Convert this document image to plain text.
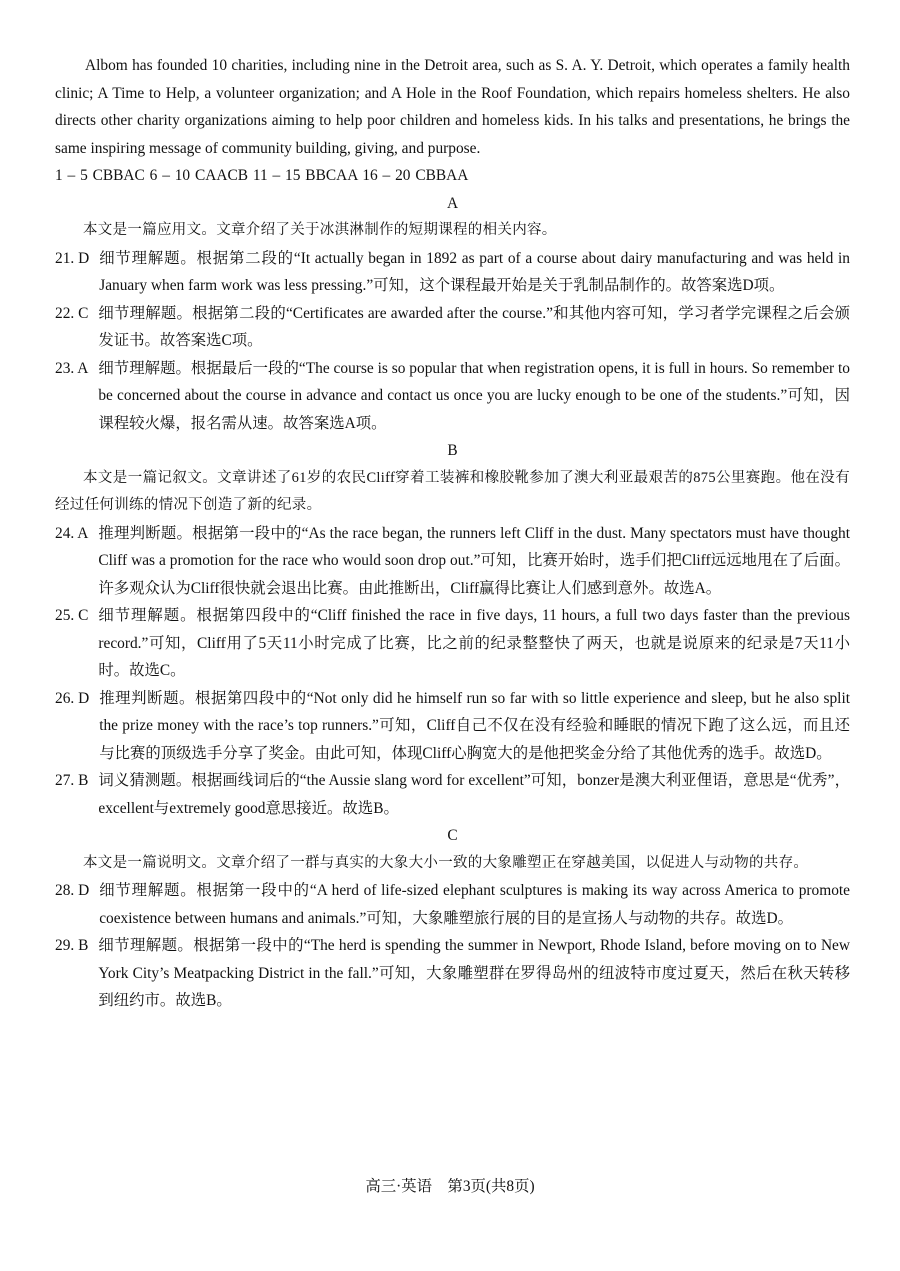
Albom has founded 10 charities, including nine in the Detroit area, such as S. A. Y. Detroit, which operates a family health clinic; A Time to Help, a volunteer organization; and A Hole in the Roof Foundation, which repairs homeless shelters. He also directs other charity organizations aiming to help poor children and homeless kids. In his talks and presentations, he brings the same inspiring message of community building, giving, and purpose.

1 – 5 CBBAC 6 – 10 CAACB 11 – 15 BBCAA 16 – 20 CBBAA

A

本文是一篇应用文。文章介绍了关于冰淇淋制作的短期课程的相关内容。

21. D 细节理解题。根据第二段的“It actually began in 1892 as part of a course about dairy manufacturing and was held in January when farm work was less pressing.”可知，这个课程最开始是关于乳制品制作的。故答案选D项。
22. C 细节理解题。根据第二段的“Certificates are awarded after the course.”和其他内容可知，学习者学完课程之后会颁发证书。故答案选C项。
23. A 细节理解题。根据最后一段的“The course is so popular that when registration opens, it is full in hours. So remember to be concerned about the course in advance and contact us once you are lucky enough to be one of the students.”可知，因课程较火爆，报名需从速。故答案选A项。

B

本文是一篇记叙文。文章讲述了61岁的农民Cliff穿着工装裤和橡胶靴参加了澳大利亚最艰苦的875公里赛跑。他在没有经过任何训练的情况下创造了新的纪录。

24. A 推理判断题。根据第一段中的“As the race began, the runners left Cliff in the dust. Many spectators must have thought Cliff was a promotion for the race who would soon drop out.”可知，比赛开始时，选手们把Cliff远远地甩在了后面。许多观众认为Cliff很快就会退出比赛。由此推断出，Cliff赢得比赛让人们感到意外。故选A。
25. C 细节理解题。根据第四段中的“Cliff finished the race in five days, 11 hours, a full two days faster than the previous record.”可知，Cliff用了5天11小时完成了比赛，比之前的纪录整整快了两天，也就是说原来的纪录是7天11小时。故选C。
26. D 推理判断题。根据第四段中的“Not only did he himself run so far with so little experience and sleep, but he also split the prize money with the race’s top runners.”可知，Cliff自己不仅在没有经验和睡眠的情况下跑了这么远，而且还与比赛的顶级选手分享了奖金。由此可知，体现Cliff心胸宽大的是他把奖金分给了其他优秀的选手。故选D。
27. B 词义猜测题。根据画线词后的“the Aussie slang word for excellent”可知，bonzer是澳大利亚俚语，意思是“优秀”，excellent与extremely good意思接近。故选B。

C

本文是一篇说明文。文章介绍了一群与真实的大象大小一致的大象雕塑正在穿越美国，以促进人与动物的共存。

28. D 细节理解题。根据第一段中的“A herd of life-sized elephant sculptures is making its way across America to promote coexistence between humans and animals.”可知，大象雕塑旅行展的目的是宣扬人与动物的共存。故选D。
29. B 细节理解题。根据第一段中的“The herd is spending the summer in Newport, Rhode Island, before moving on to New York City’s Meatpacking District in the fall.”可知，大象雕塑群在罗得岛州的纽波特市度过夏天，然后在秋天转移到纽约市。故选B。
高三·英语　第3页(共8页)
